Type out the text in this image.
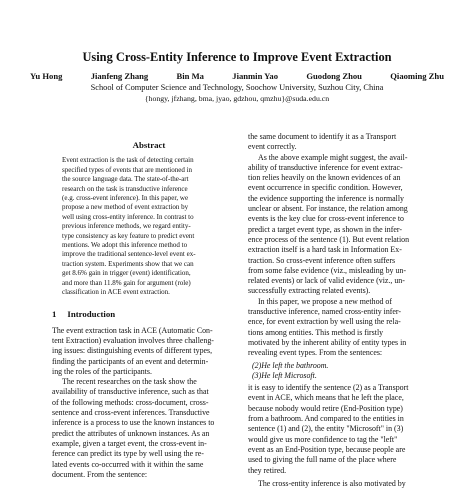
Using Cross-Entity Inference to Improve Event Extraction
Yu Hong	Jianfeng Zhang	Bin Ma	Jianmin Yao	Guodong Zhou	Qiaoming Zhu
School of Computer Science and Technology, Soochow University, Suzhou City, China
{hongy, jfzhang, bma, jyao, gdzhou, qmzhu}@suda.edu.cn
Abstract

Event extraction is the task of detecting certain
specified types of events that are mentioned in
the source language data. The state-of-the-art
research on the task is transductive inference
(e.g. cross-event inference). In this paper, we
propose a new method of event extraction by
well using cross-entity inference. In contrast to
previous inference methods, we regard entity-
type consistency as key feature to predict event
mentions. We adopt this inference method to
improve the traditional sentence-level event ex-
traction system. Experiments show that we can
get 8.6% gain in trigger (event) identification,
and more than 11.8% gain for argument (role)
classification in ACE event extraction.

1     Introduction

The event extraction task in ACE (Automatic Con-
tent Extraction) evaluation involves three challeng-
ing issues: distinguishing events of different types,
finding the participants of an event and determin-
ing the roles of the participants.

The recent researches on the task show the
availability of transductive inference, such as that
of the following methods: cross-document, cross-
sentence and cross-event inferences. Transductive
inference is a process to use the known instances to
predict the attributes of unknown instances. As an
example, given a target event, the cross-event in-
ference can predict its type by well using the re-
lated events co-occurred with it within the same
document. From the sentence:

the same document to identify it as a Transport
event correctly.

As the above example might suggest, the avail-
ability of transductive inference for event extrac-
tion relies heavily on the known evidences of an
event occurrence in specific condition. However,
the evidence supporting the inference is normally
unclear or absent. For instance, the relation among
events is the key clue for cross-event inference to
predict a target event type, as shown in the infer-
ence process of the sentence (1). But event relation
extraction itself is a hard task in Information Ex-
traction. So cross-event inference often suffers
from some false evidence (viz., misleading by un-
related events) or lack of valid evidence (viz., un-
successfully extracting related events).

In this paper, we propose a new method of
transductive inference, named cross-entity infer-
ence, for event extraction by well using the rela-
tions among entities. This method is firstly
motivated by the inherent ability of entity types in
revealing event types. From the sentences:

(2)He left the bathroom.
(3)He left Microsoft.

it is easy to identify the sentence (2) as a Transport
event in ACE, which means that he left the place,
because nobody would retire (End-Position type)
from a bathroom. And compared to the entities in
sentence (1) and (2), the entity "Microsoft" in (3)
would give us more confidence to tag the "left"
event as an End-Position type, because people are
used to giving the full name of the place where
they retired.

The cross-entity inference is also motivated by
